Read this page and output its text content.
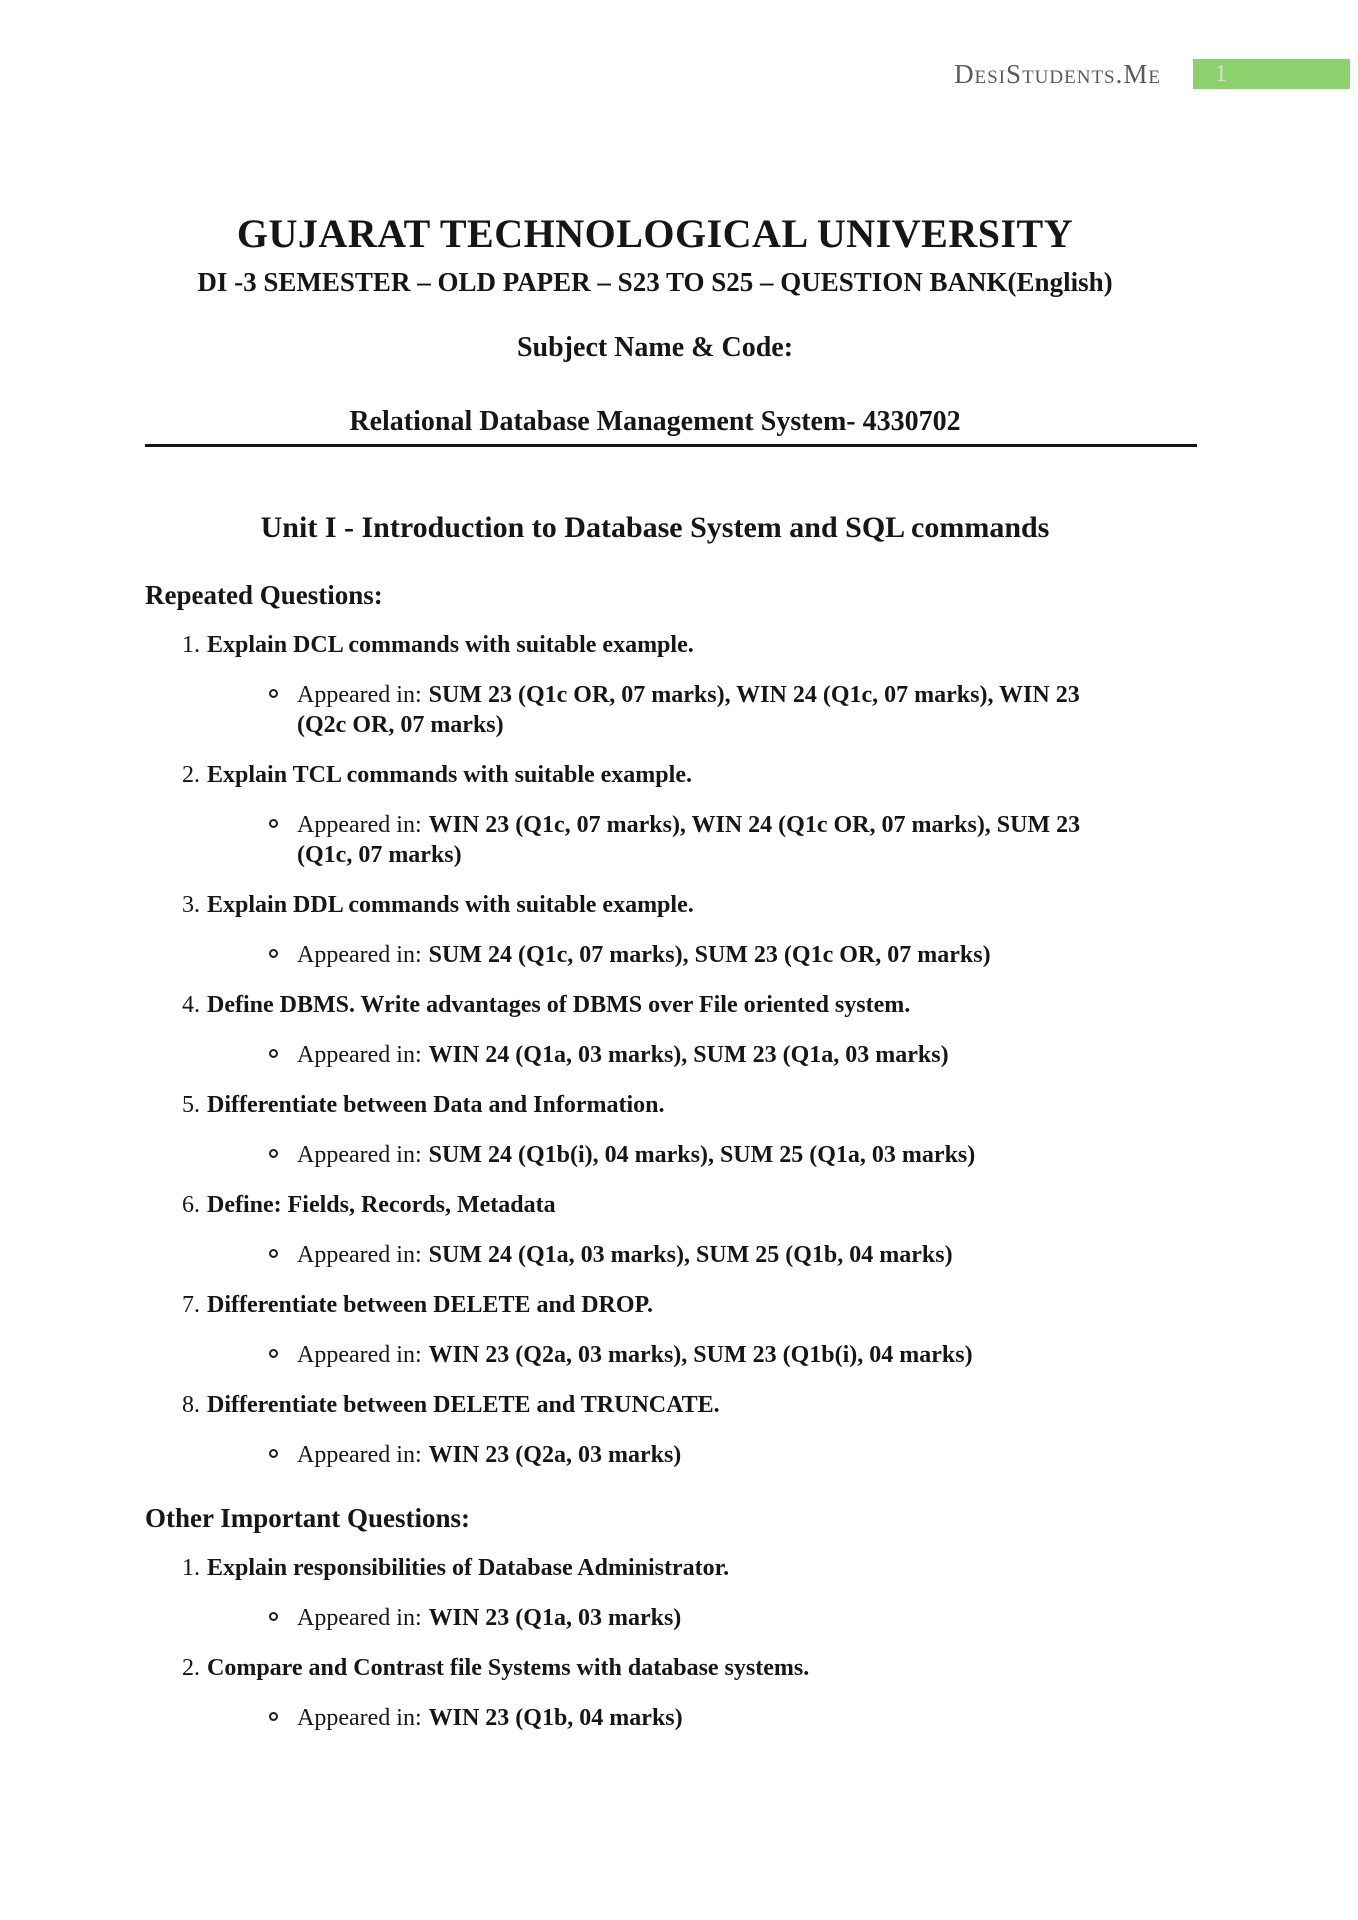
DesiStudents.Me	1
GUJARAT TECHNOLOGICAL UNIVERSITY
DI -3 SEMESTER – OLD PAPER – S23 TO S25 – QUESTION BANK(English)
Subject Name & Code:
Relational Database Management System- 4330702
Unit I - Introduction to Database System and SQL commands
Repeated Questions:
1. Explain DCL commands with suitable example.
Appeared in: SUM 23 (Q1c OR, 07 marks), WIN 24 (Q1c, 07 marks), WIN 23
(Q2c OR, 07 marks)
2. Explain TCL commands with suitable example.
Appeared in: WIN 23 (Q1c, 07 marks), WIN 24 (Q1c OR, 07 marks), SUM 23
(Q1c, 07 marks)
3. Explain DDL commands with suitable example.
Appeared in: SUM 24 (Q1c, 07 marks), SUM 23 (Q1c OR, 07 marks)
4. Define DBMS. Write advantages of DBMS over File oriented system.
Appeared in: WIN 24 (Q1a, 03 marks), SUM 23 (Q1a, 03 marks)
5. Differentiate between Data and Information.
Appeared in: SUM 24 (Q1b(i), 04 marks), SUM 25 (Q1a, 03 marks)
6. Define: Fields, Records, Metadata
Appeared in: SUM 24 (Q1a, 03 marks), SUM 25 (Q1b, 04 marks)
7. Differentiate between DELETE and DROP.
Appeared in: WIN 23 (Q2a, 03 marks), SUM 23 (Q1b(i), 04 marks)
8. Differentiate between DELETE and TRUNCATE.
Appeared in: WIN 23 (Q2a, 03 marks)
Other Important Questions:
1. Explain responsibilities of Database Administrator.
Appeared in: WIN 23 (Q1a, 03 marks)
2. Compare and Contrast file Systems with database systems.
Appeared in: WIN 23 (Q1b, 04 marks)
